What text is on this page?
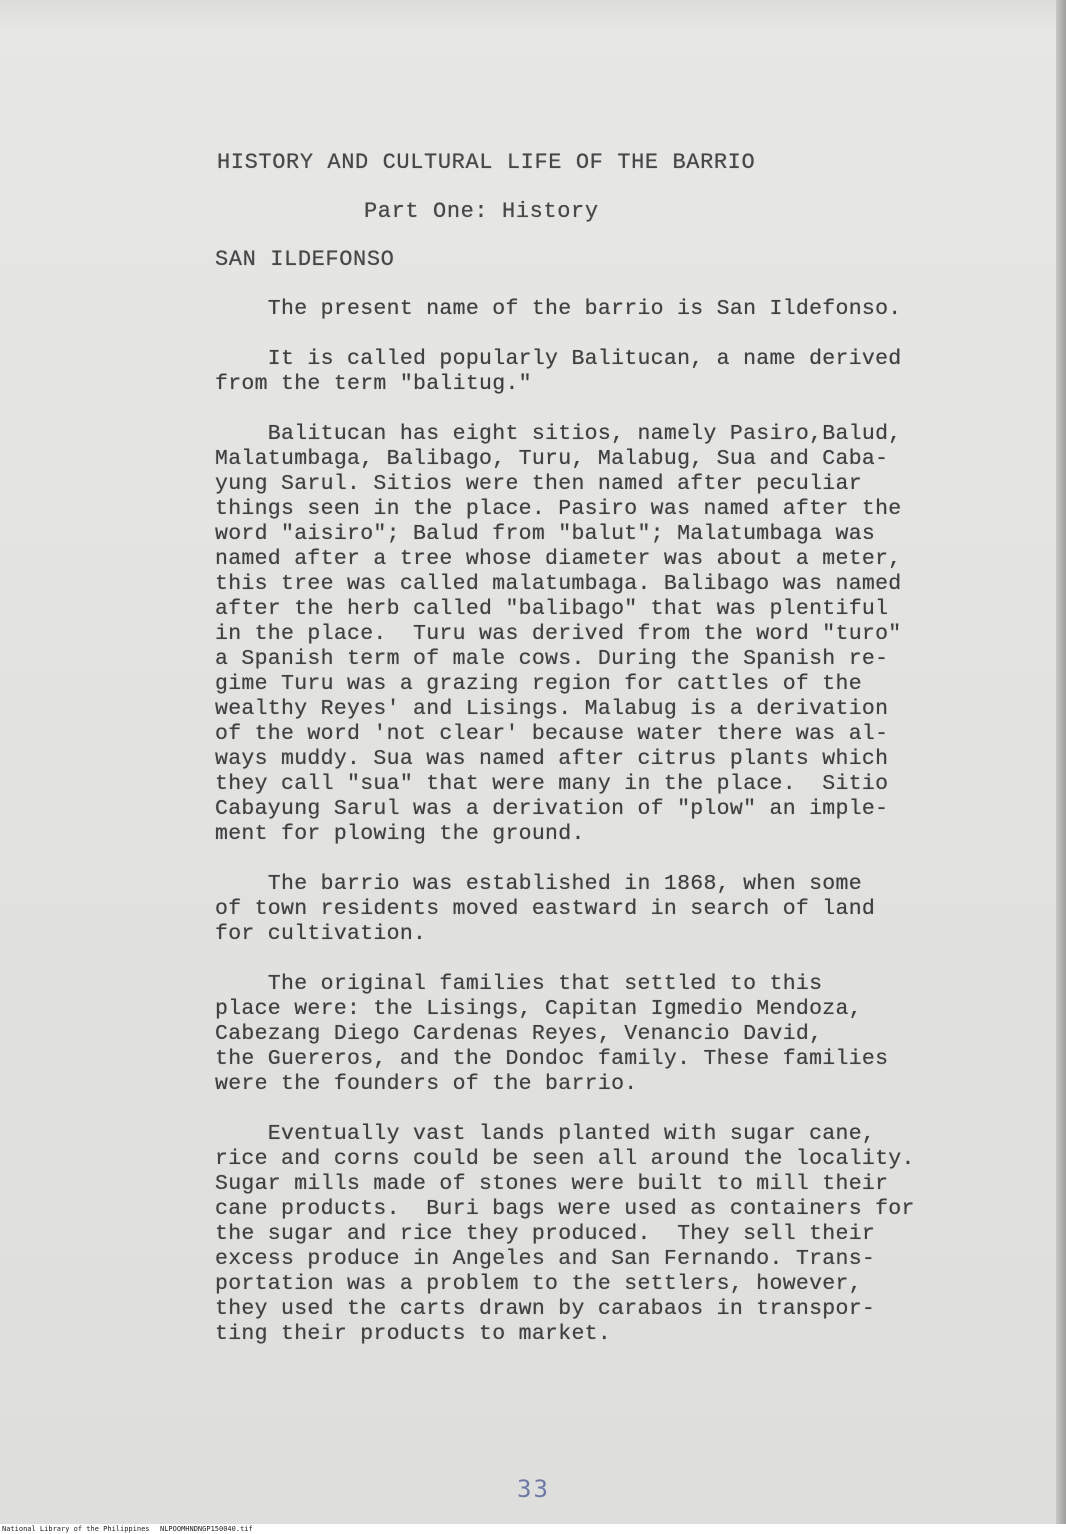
HISTORY AND CULTURAL LIFE OF THE BARRIO
Part One: History
SAN ILDEFONSO
The present name of the barrio is San Ildefonso.
It is called popularly Balitucan, a name derived
from the term "balitug."
Balitucan has eight sitios, namely Pasiro,Balud,
Malatumbaga, Balibago, Turu, Malabug, Sua and Caba-
yung Sarul. Sitios were then named after peculiar
things seen in the place. Pasiro was named after the
word "aisiro"; Balud from "balut"; Malatumbaga was
named after a tree whose diameter was about a meter,
this tree was called malatumbaga. Balibago was named
after the herb called "balibago" that was plentiful
in the place.  Turu was derived from the word "turo"
a Spanish term of male cows. During the Spanish re-
gime Turu was a grazing region for cattles of the
wealthy Reyes' and Lisings. Malabug is a derivation
of the word 'not clear' because water there was al-
ways muddy. Sua was named after citrus plants which
they call "sua" that were many in the place.  Sitio
Cabayung Sarul was a derivation of "plow" an imple-
ment for plowing the ground.
The barrio was established in 1868, when some
of town residents moved eastward in search of land
for cultivation.
The original families that settled to this
place were: the Lisings, Capitan Igmedio Mendoza,
Cabezang Diego Cardenas Reyes, Venancio David,
the Guereros, and the Dondoc family. These families
were the founders of the barrio.
Eventually vast lands planted with sugar cane,
rice and corns could be seen all around the locality.
Sugar mills made of stones were built to mill their
cane products.  Buri bags were used as containers for
the sugar and rice they produced.  They sell their
excess produce in Angeles and San Fernando. Trans-
portation was a problem to the settlers, however,
they used the carts drawn by carabaos in transpor-
ting their products to market.
33
National Library of the Philippines NLPOOMHNDNGP150040.tif
